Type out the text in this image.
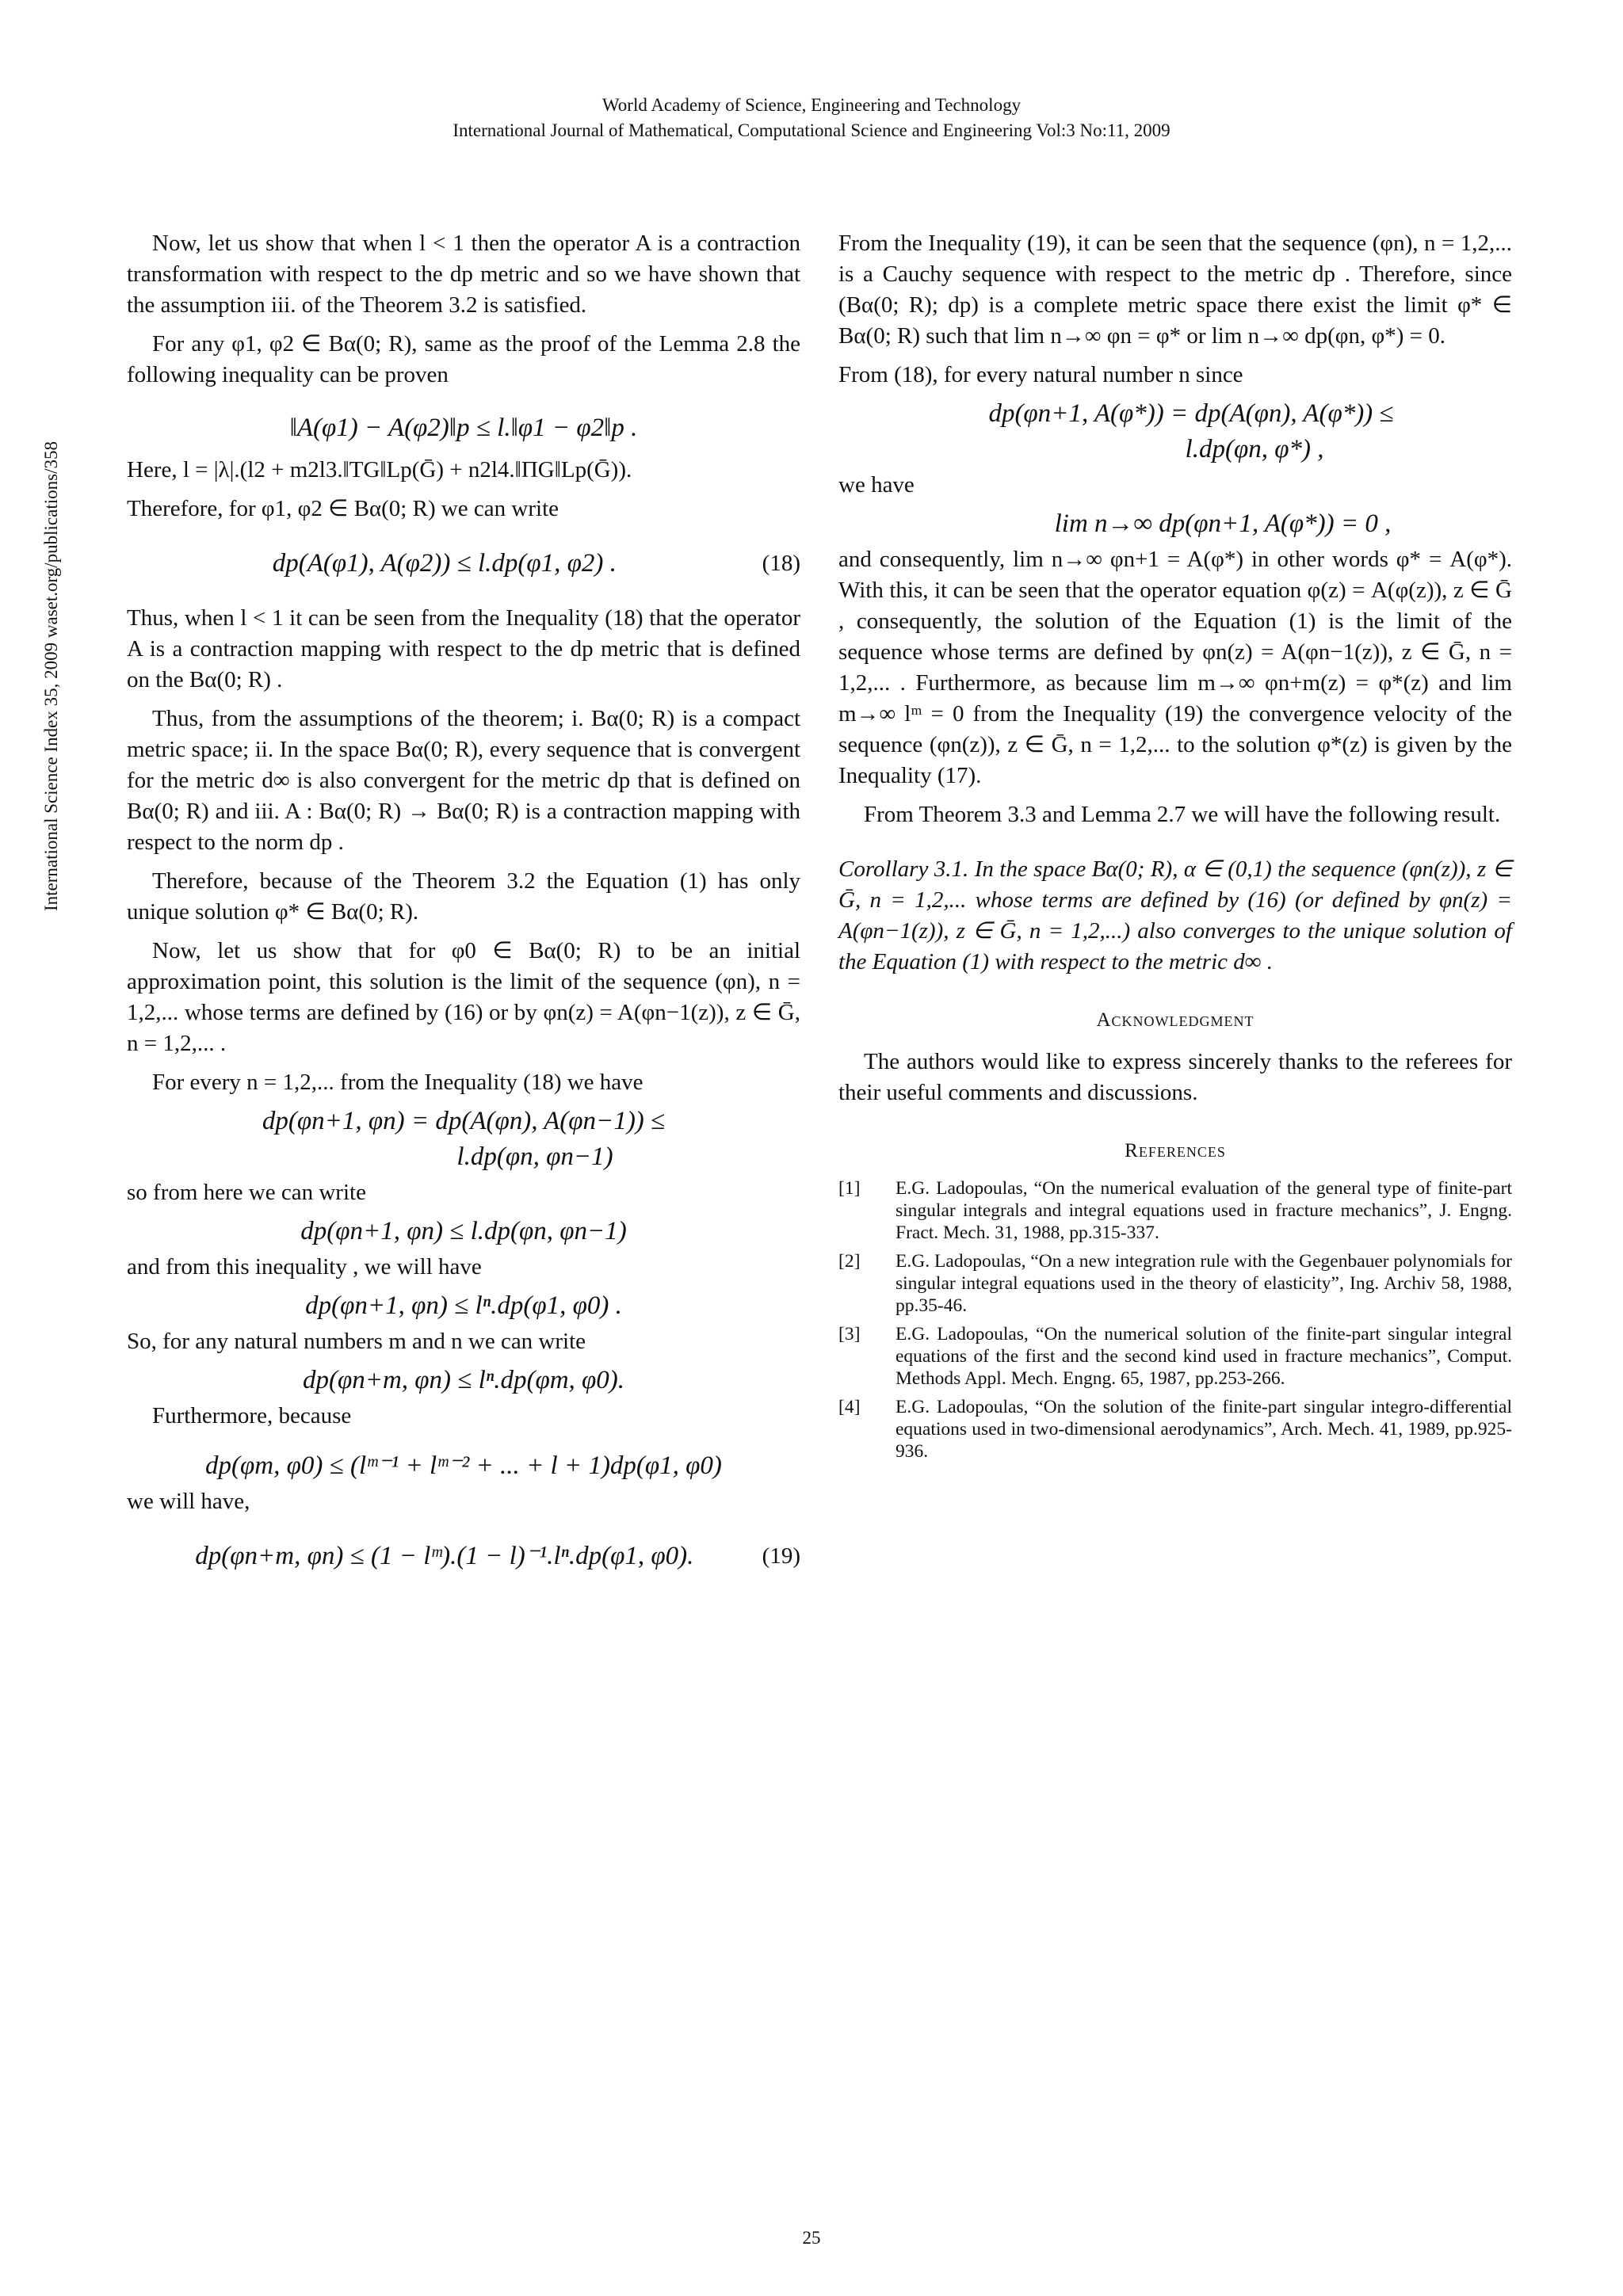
World Academy of Science, Engineering and Technology
International Journal of Mathematical, Computational Science and Engineering Vol:3 No:11, 2009
International Science Index 35, 2009 waset.org/publications/358

Now, let us show that when l < 1 then the operator A is a contraction transformation with respect to the dp metric and so we have shown that the assumption iii. of the Theorem 3.2 is satisfied.

For any φ1, φ2 ∈ Bα(0; R), same as the proof of the Lemma 2.8 the following inequality can be proven

‖A(φ1) − A(φ2)‖p ≤ l.‖φ1 − φ2‖p .

Here, l = |λ|.(l2 + m2l3.‖TG‖Lp(Ḡ) + n2l4.‖ΠG‖Lp(Ḡ)).

Therefore, for φ1, φ2 ∈ Bα(0; R) we can write

dp(A(φ1), A(φ2)) ≤ l.dp(φ1, φ2) .	(18)

Thus, when l < 1 it can be seen from the Inequality (18) that the operator A is a contraction mapping with respect to the dp metric that is defined on the Bα(0; R) .

Thus, from the assumptions of the theorem; i. Bα(0; R) is a compact metric space; ii. In the space Bα(0; R), every sequence that is convergent for the metric d∞ is also convergent for the metric dp that is defined on Bα(0; R) and iii. A : Bα(0; R) → Bα(0; R) is a contraction mapping with respect to the norm dp .

Therefore, because of the Theorem 3.2 the Equation (1) has only unique solution φ* ∈ Bα(0; R).

Now, let us show that for φ0 ∈ Bα(0; R) to be an initial approximation point, this solution is the limit of the sequence (φn), n = 1,2,... whose terms are defined by (16) or by φn(z) = A(φn−1(z)), z ∈ Ḡ, n = 1,2,... .

For every n = 1,2,... from the Inequality (18) we have

dp(φn+1, φn) = dp(A(φn), A(φn−1)) ≤
l.dp(φn, φn−1)

so from here we can write

dp(φn+1, φn) ≤ l.dp(φn, φn−1)

and from this inequality , we will have

dp(φn+1, φn) ≤ lⁿ.dp(φ1, φ0) .

So, for any natural numbers m and n we can write

dp(φn+m, φn) ≤ lⁿ.dp(φm, φ0).

Furthermore, because

dp(φm, φ0) ≤ (lᵐ⁻¹ + lᵐ⁻² + ... + l + 1)dp(φ1, φ0)

we will have,

dp(φn+m, φn) ≤ (1 − lᵐ).(1 − l)⁻¹.lⁿ.dp(φ1, φ0).	(19)

From the Inequality (19), it can be seen that the sequence (φn), n = 1,2,... is a Cauchy sequence with respect to the metric dp . Therefore, since (Bα(0; R); dp) is a complete metric space there exist the limit φ* ∈ Bα(0; R) such that lim n→∞ φn = φ* or lim n→∞ dp(φn, φ*) = 0.

From (18), for every natural number n since

dp(φn+1, A(φ*)) = dp(A(φn), A(φ*)) ≤
l.dp(φn, φ*) ,

we have

lim n→∞ dp(φn+1, A(φ*)) = 0 ,

and consequently, lim n→∞ φn+1 = A(φ*) in other words φ* = A(φ*). With this, it can be seen that the operator equation φ(z) = A(φ(z)), z ∈ Ḡ , consequently, the solution of the Equation (1) is the limit of the sequence whose terms are defined by φn(z) = A(φn−1(z)), z ∈ Ḡ, n = 1,2,... . Furthermore, as because lim m→∞ φn+m(z) = φ*(z) and lim m→∞ lᵐ = 0 from the Inequality (19) the convergence velocity of the sequence (φn(z)), z ∈ Ḡ, n = 1,2,... to the solution φ*(z) is given by the Inequality (17).

From Theorem 3.3 and Lemma 2.7 we will have the following result.

Corollary 3.1. In the space Bα(0; R), α ∈ (0,1) the sequence (φn(z)), z ∈ Ḡ, n = 1,2,... whose terms are defined by (16) (or defined by φn(z) = A(φn−1(z)), z ∈ Ḡ, n = 1,2,...) also converges to the unique solution of the Equation (1) with respect to the metric d∞ .

Acknowledgment

The authors would like to express sincerely thanks to the referees for their useful comments and discussions.

References
[1]	E.G. Ladopoulas, “On the numerical evaluation of the general type of finite-part singular integrals and integral equations used in fracture mechanics”, J. Engng. Fract. Mech. 31, 1988, pp.315-337.
[2]	E.G. Ladopoulas, “On a new integration rule with the Gegenbauer polynomials for singular integral equations used in the theory of elasticity”, Ing. Archiv 58, 1988, pp.35-46.
[3]	E.G. Ladopoulas, “On the numerical solution of the finite-part singular integral equations of the first and the second kind used in fracture mechanics”, Comput. Methods Appl. Mech. Engng. 65, 1987, pp.253-266.
[4]	E.G. Ladopoulas, “On the solution of the finite-part singular integro-differential equations used in two-dimensional aerodynamics”, Arch. Mech. 41, 1989, pp.925-936.
25
